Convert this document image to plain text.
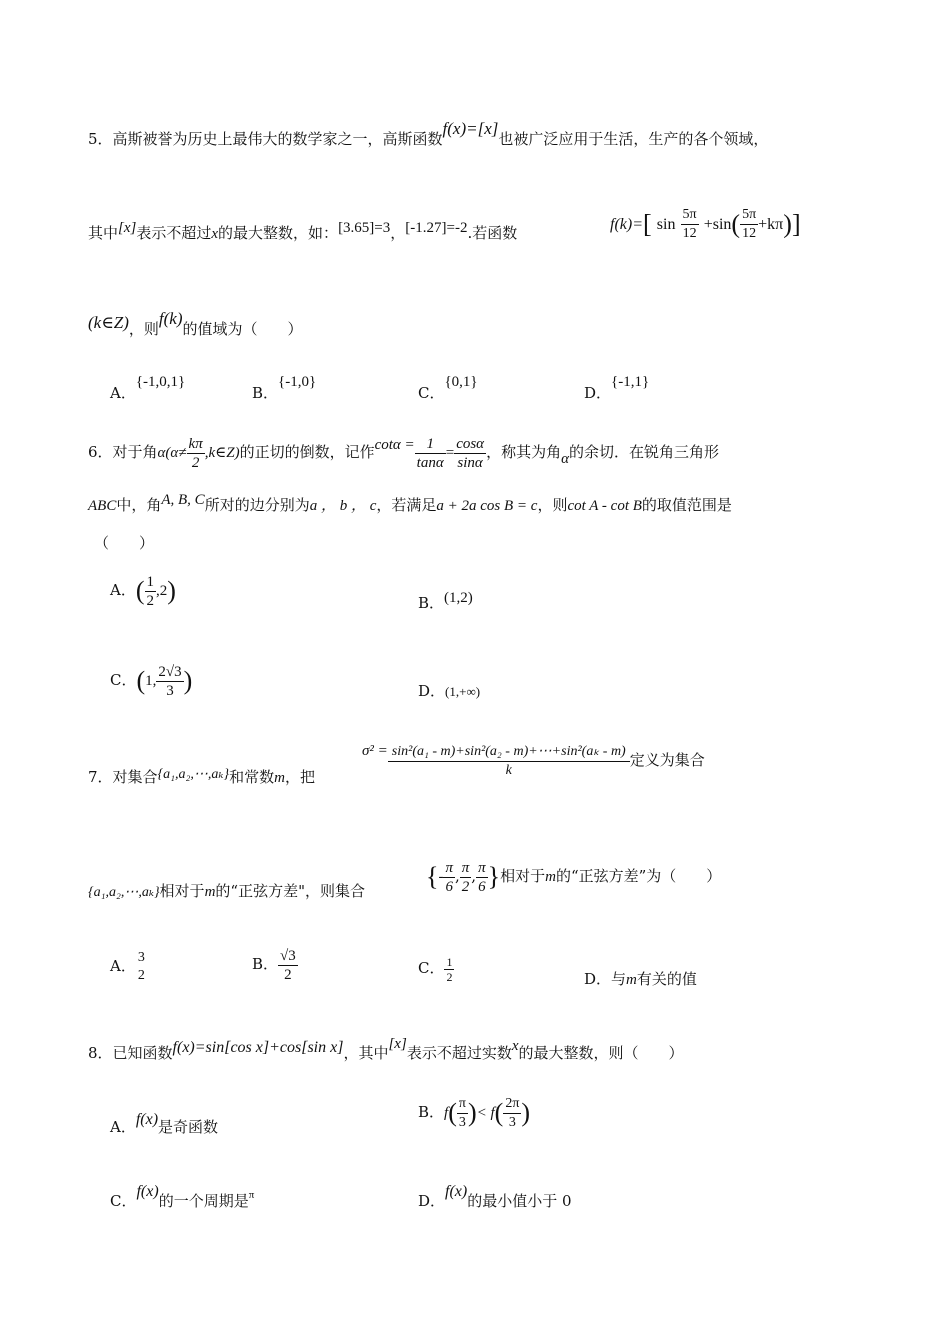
5．高斯被誉为历史上最伟大的数学家之一，高斯函数f(x)=[x]也被广泛应用于生活，生产的各个领域，
其中[x]表示不超过x的最大整数，如：[3.65]=3，[-1.27]=-2.若函数	f(k)=[ $\sin \frac{5\pi}{12} +\sin( \frac{5\pi}{12} +k\pi)$]
(k∈Z)，则f(k)的值域为（　　）
A．{-1,0,1}
B．{-1,0}
C．{0,1}
D．{-1,1}
6．对于角$\alpha(\alpha\ne \frac{k\pi}{2}$ ,k∈Z)的正切的倒数，记作$\cot\alpha = \frac{1}{\tan\alpha} = \frac{\cos\alpha}{\sin\alpha}$ ，称其为角α的余切．在锐角三角形
ABC中，角A, B, C所对的边分别为a ， b ， c，若满足a + 2a cos B = c，则cot A - cot B的取值范围是
（　　）
A．( $\frac{1}{2} ,2$)	B．(1,2)
C．(1, $\frac{2√3}{3}$ )	D．(1,+∞)
7．对集合{a₁,a₂,⋯,aₖ}和常数m，把
$\sigma^2 = \frac{\text{sin²(a₁ - m)+sin²(a₂ - m)+⋯+sin²(aₖ - m)}}{k}$ 定义为集合
{a₁,a₂,⋯,aₖ}相对于m的“正弦方差"，则集合 {- $\frac{\pi}{6}$ , $\frac{\pi}{2}$ , $\frac{\pi}{6}$ }相对于m的“正弦方差”为（　　）
A． 3
2
B． $\frac{√3}{2}$	C． $\frac{1}{2}$	D．与m有关的值
8．已知函数f(x)=sin[cos x]+cos[sin x]，其中[x]表示不超过实数x的最大整数，则（　　）
A．f(x)是奇函数
B．$f( \frac{\pi}{3}$ )< $f( \frac{2\pi}{3}$ )
C．f(x)的一个周期是$^\pi$	D．f(x)的最小值小于 0
